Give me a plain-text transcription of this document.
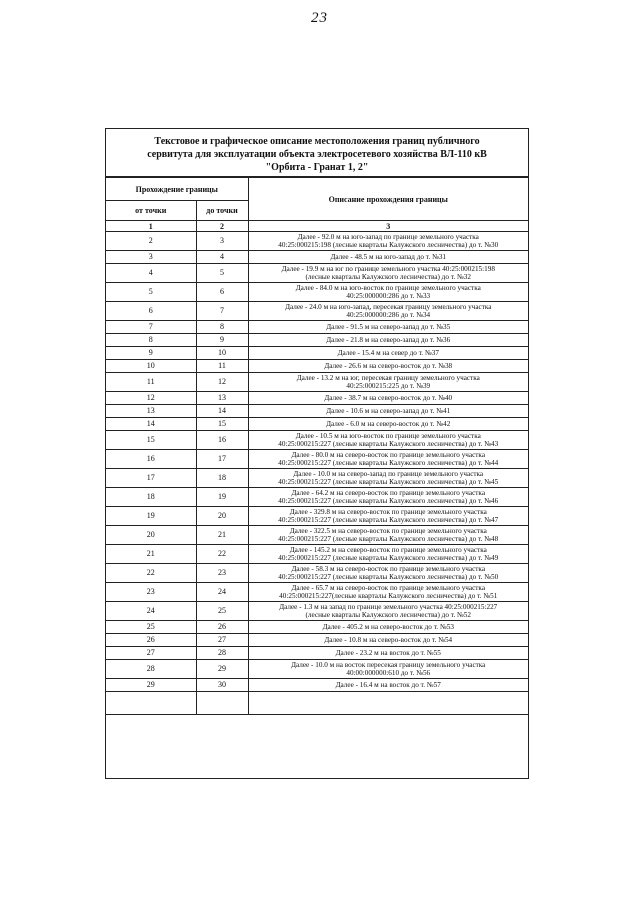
23
Текстовое и графическое описание местоположения границ публичного
сервитута для эксплуатации объекта электросетевого хозяйства ВЛ-110 кВ
"Орбита - Гранат 1, 2"
Прохождение границы		Описание прохождения границы
от точки	до точки	
1	2	3
2	3	Далее - 92.0 м на юго-запад по границе земельного участка
40:25:000215:198 (лесные кварталы Калужского лесничества) до т. №30

3	4	Далее - 48.5 м на юго-запад до т. №31

4	5	Далее - 19.9 м на юг по границе земельного участка 40:25:000215:198
(лесные кварталы Калужского лесничества) до т. №32

5	6	Далее - 84.0 м на юго-восток по границе земельного участка
40:25:000000:286 до т. №33

6	7	Далее - 24.0 м на юго-запад, пересекая границу земельного участка
40:25:000000:286 до т. №34

7	8	Далее - 91.5 м на северо-запад до т. №35

8	9	Далее - 21.8 м на северо-запад до т. №36

9	10	Далее - 15.4 м на север до т. №37

10	11	Далее - 26.6 м на северо-восток до т. №38

11	12	Далее - 13.2 м на юг, пересекая границу земельного участка
40:25:000215:225 до т. №39

12	13	Далее - 38.7 м на северо-восток до т. №40

13	14	Далее - 10.6 м на северо-запад до т. №41

14	15	Далее - 6.0 м на северо-восток до т. №42

15	16	Далее - 10.5 м на юго-восток по границе земельного участка
40:25:000215:227 (лесные кварталы Калужского лесничества) до т. №43

16	17	Далее - 80.0 м на северо-восток по границе земельного участка
40:25:000215:227 (лесные кварталы Калужского лесничества) до т. №44

17	18	Далее - 10.0 м на северо-запад по границе земельного участка
40:25:000215:227 (лесные кварталы Калужского лесничества) до т. №45

18	19	Далее - 64.2 м на северо-восток по границе земельного участка
40:25:000215:227 (лесные кварталы Калужского лесничества) до т. №46

19	20	Далее - 329.8 м на северо-восток по границе земельного участка
40:25:000215:227 (лесные кварталы Калужского лесничества) до т. №47

20	21	Далее - 322.5 м на северо-восток по границе земельного участка
40:25:000215:227 (лесные кварталы Калужского лесничества) до т. №48

21	22	Далее - 145.2 м на северо-восток по границе земельного участка
40:25:000215:227 (лесные кварталы Калужского лесничества) до т. №49

22	23	Далее - 58.3 м на северо-восток по границе земельного участка
40:25:000215:227 (лесные кварталы Калужского лесничества) до т. №50

23	24	Далее - 65.7 м на северо-восток по границе земельного участка
40:25:000215:227(лесные кварталы Калужского лесничества) до т. №51

24	25	Далее - 1.3 м на запад по границе земельного участка 40:25:000215:227
(лесные кварталы Калужского лесничества) до т. №52

25	26	Далее - 405.2 м на северо-восток до т. №53

26	27	Далее - 10.8 м на северо-восток до т. №54

27	28	Далее - 23.2 м на восток до т. №55

28	29	Далее - 10.0 м на восток пересекая границу земельного участка
40:00:000000:610 до т. №56

29	30	Далее - 16.4 м на восток до т. №57
